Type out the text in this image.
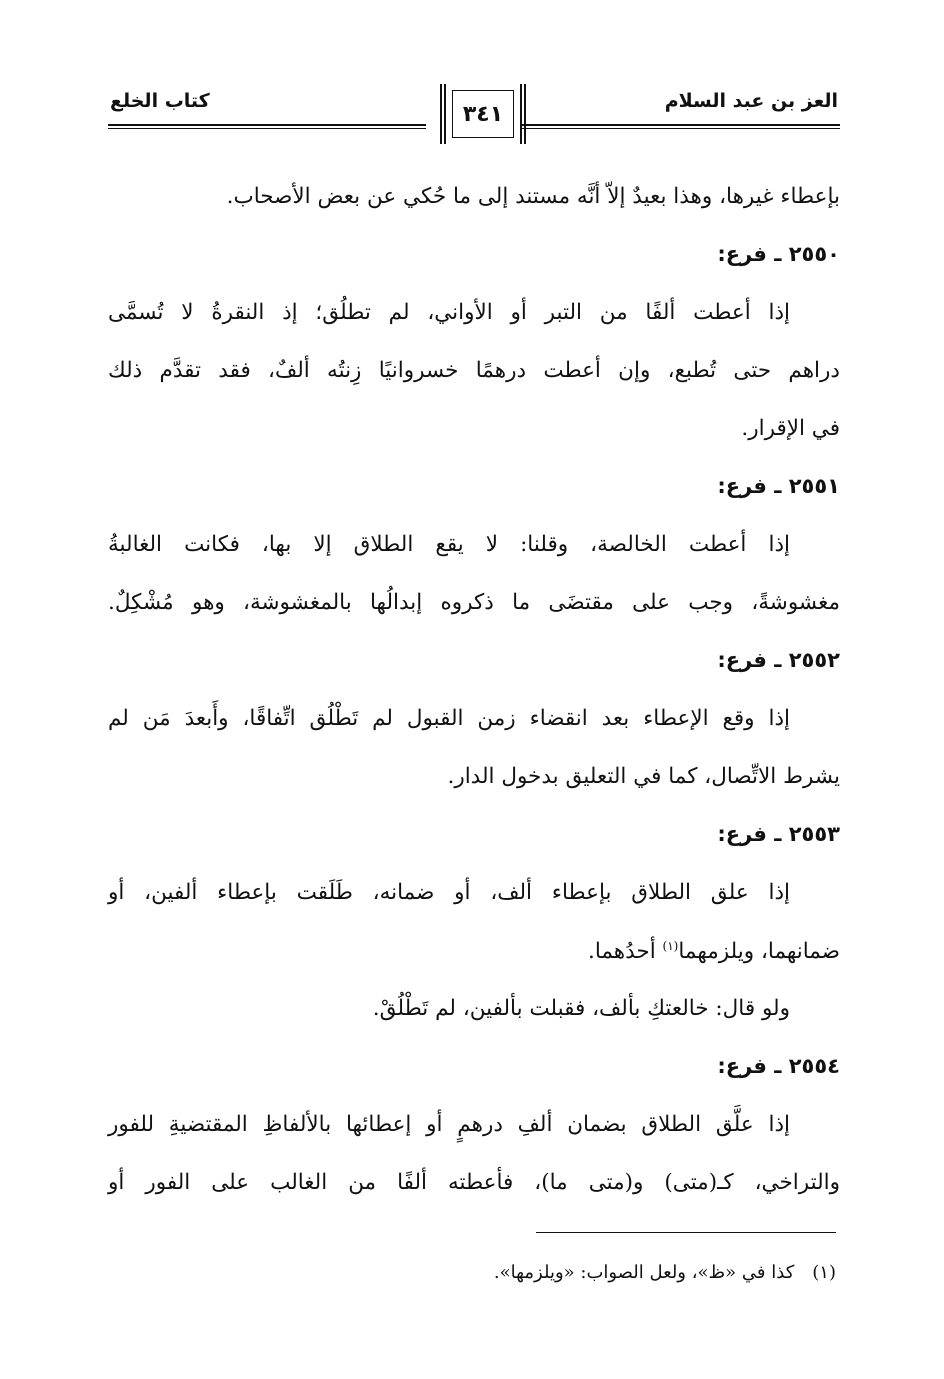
العز بن عبد السلام
كتاب الخلع
٣٤١
بإعطاء غيرها، وهذا بعيدٌ إلاّ أنَّه مستند إلى ما حُكي عن بعض الأصحاب.
٢٥٥٠ ـ فرع:
إذا أعطت ألفًا من التبر أو الأواني، لم تطلُق؛ إذ النقرةُ لا تُسمَّى
دراهم حتى تُطبع، وإن أعطت درهمًا خسروانيًا زِنتُه ألفٌ، فقد تقدَّم ذلك
في الإقرار.
٢٥٥١ ـ فرع:
إذا أعطت الخالصة، وقلنا: لا يقع الطلاق إلا بها، فكانت الغالبةُ
مغشوشةً، وجب على مقتضَى ما ذكروه إبدالُها بالمغشوشة، وهو مُشْكِلٌ.
٢٥٥٢ ـ فرع:
إذا وقع الإعطاء بعد انقضاء زمن القبول لم تَطْلُق اتِّفاقًا، وأَبعدَ مَن لم
يشرط الاتِّصال، كما في التعليق بدخول الدار.
٢٥٥٣ ـ فرع:
إذا علق الطلاق بإعطاء ألف، أو ضمانه، طَلَقت بإعطاء ألفين، أو
ضمانهما، ويلزمهما$^{(١)}$ أحدُهما.
ولو قال: خالعتكِ بألف، فقبلت بألفين، لم تَطْلُقْ.
٢٥٥٤ ـ فرع:
إذا علَّق الطلاق بضمان ألفِ درهمٍ أو إعطائها بالألفاظِ المقتضيةِ للفور
والتراخي، كـ(متى) و(متى ما)، فأعطته ألفًا من الغالب على الفور أو
(١)كذا في «ظ»، ولعل الصواب: «ويلزمها».
